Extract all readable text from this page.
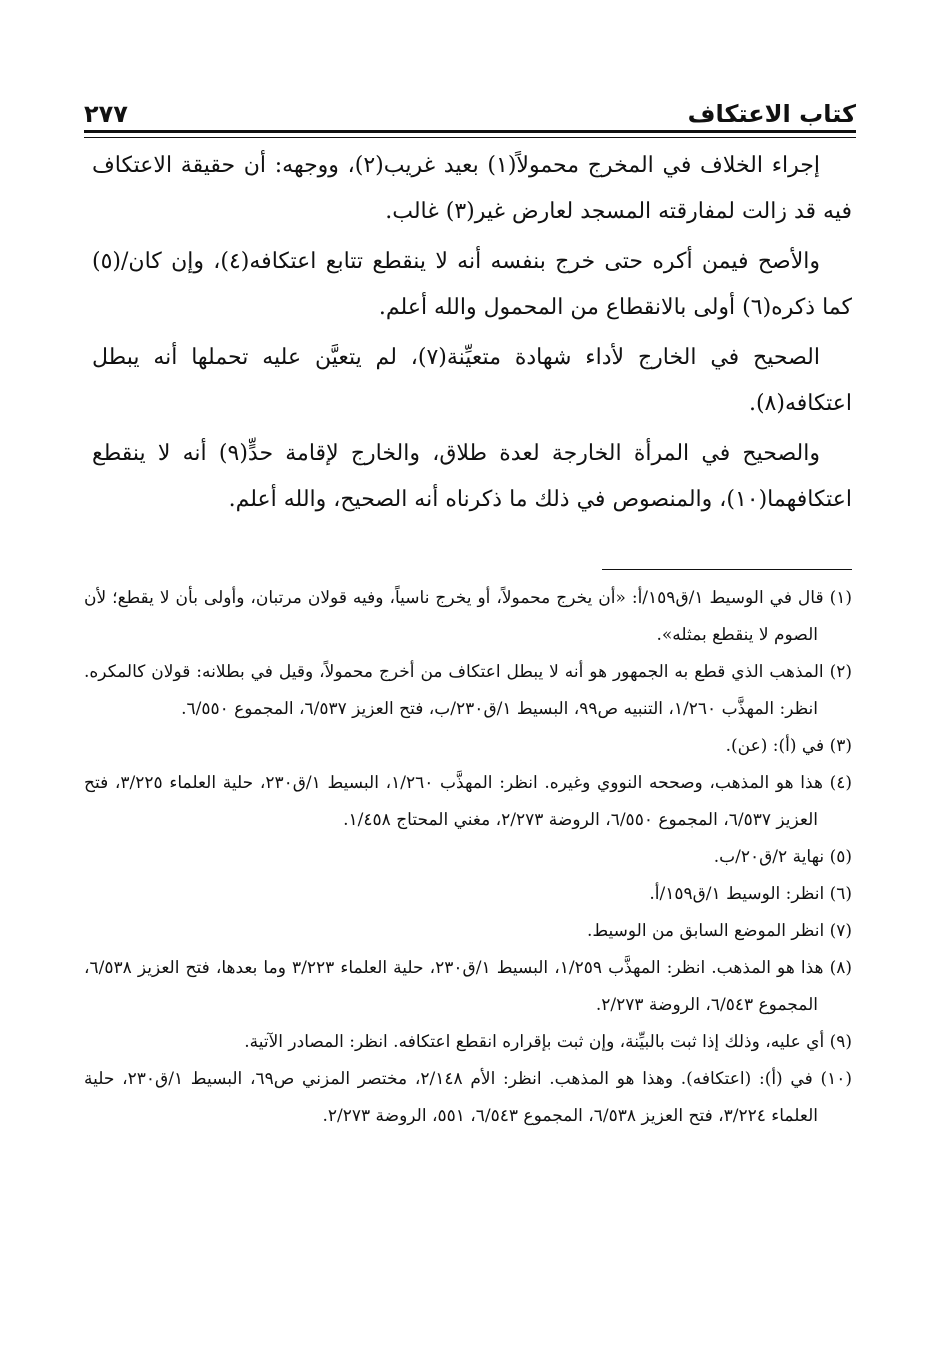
كتاب الاعتكاف
٢٧٧

إجراء الخلاف في المخرج محمولاً(١) بعيد غريب(٢)، ووجهه: أن حقيقة الاعتكاف فيه قد زالت لمفارقته المسجد لعارض غير(٣) غالب.

والأصح فيمن أكره حتى خرج بنفسه أنه لا ينقطع تتابع اعتكافه(٤)، وإن كان/(٥) كما ذكره(٦) أولى بالانقطاع من المحمول والله أعلم.

الصحيح في الخارج لأداء شهادة متعيِّنة(٧)، لم يتعيَّن عليه تحملها أنه يبطل اعتكافه(٨).

والصحيح في المرأة الخارجة لعدة طلاق، والخارج لإقامة حدٍّ(٩) أنه لا ينقطع اعتكافهما(١٠)، والمنصوص في ذلك ما ذكرناه أنه الصحيح، والله أعلم.

(١) قال في الوسيط ١/ق١٥٩/أ: «أن يخرج محمولاً، أو يخرج ناسياً، وفيه قولان مرتبان، وأولى بأن لا يقطع؛ لأن الصوم لا ينقطع بمثله».

(٢) المذهب الذي قطع به الجمهور هو أنه لا يبطل اعتكاف من أخرج محمولاً، وقيل في بطلانه: قولان كالمكره. انظر: المهذَّب ١/٢٦٠، التنبيه ص٩٩، البسيط ١/ق٢٣٠/ب، فتح العزيز ٦/٥٣٧، المجموع ٦/٥٥٠.

(٣) في (أ): (عن).

(٤) هذا هو المذهب، وصححه النووي وغيره. انظر: المهذَّب ١/٢٦٠، البسيط ١/ق٢٣٠، حلية العلماء ٣/٢٢٥، فتح العزيز ٦/٥٣٧، المجموع ٦/٥٥٠، الروضة ٢/٢٧٣، مغني المحتاج ١/٤٥٨.

(٥) نهاية ٢/ق٢٠/ب.

(٦) انظر: الوسيط ١/ق١٥٩/أ.

(٧) انظر الموضع السابق من الوسيط.

(٨) هذا هو المذهب. انظر: المهذَّب ١/٢٥٩، البسيط ١/ق٢٣٠، حلية العلماء ٣/٢٢٣ وما بعدها، فتح العزيز ٦/٥٣٨، المجموع ٦/٥٤٣، الروضة ٢/٢٧٣.

(٩) أي عليه، وذلك إذا ثبت بالبيِّنة، وإن ثبت بإقراره انقطع اعتكافه. انظر: المصادر الآتية.

(١٠) في (أ): (اعتكافه). وهذا هو المذهب. انظر: الأم ٢/١٤٨، مختصر المزني ص٦٩، البسيط ١/ق٢٣٠، حلية العلماء ٣/٢٢٤، فتح العزيز ٦/٥٣٨، المجموع ٦/٥٤٣، ٥٥١، الروضة ٢/٢٧٣.
